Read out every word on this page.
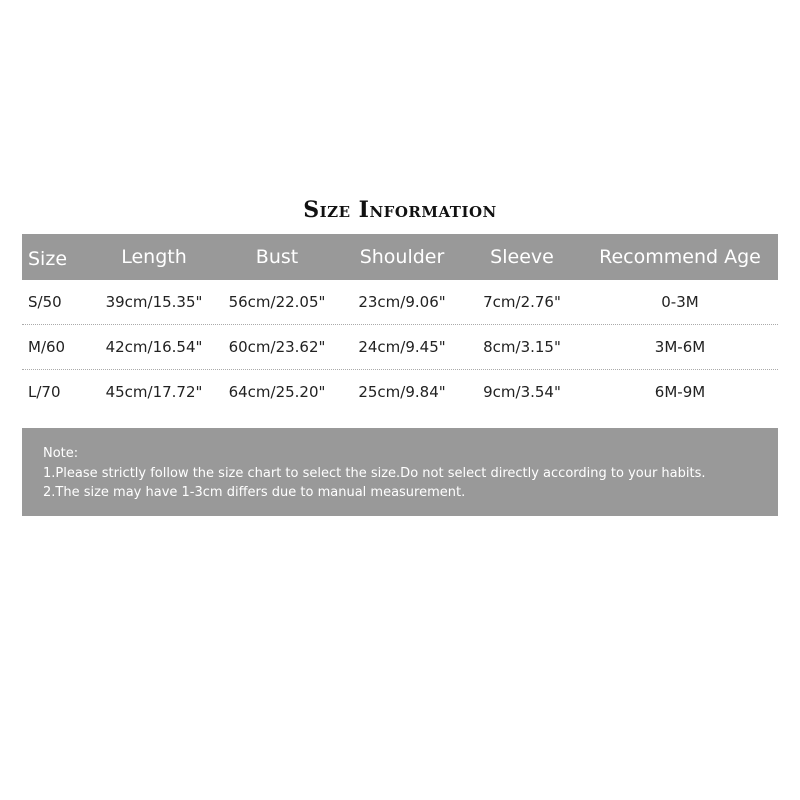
Size Information
Size	Length	Bust	Shoulder	Sleeve	Recommend Age
S/50	39cm/15.35"	56cm/22.05"	23cm/9.06"	7cm/2.76"	0-3M
M/60	42cm/16.54"	60cm/23.62"	24cm/9.45"	8cm/3.15"	3M-6M
L/70	45cm/17.72"	64cm/25.20"	25cm/9.84"	9cm/3.54"	6M-9M
Note:
1.Please strictly follow the size chart to select the size.Do not select directly according to your habits.
2.The size may have 1-3cm differs due to manual measurement.
